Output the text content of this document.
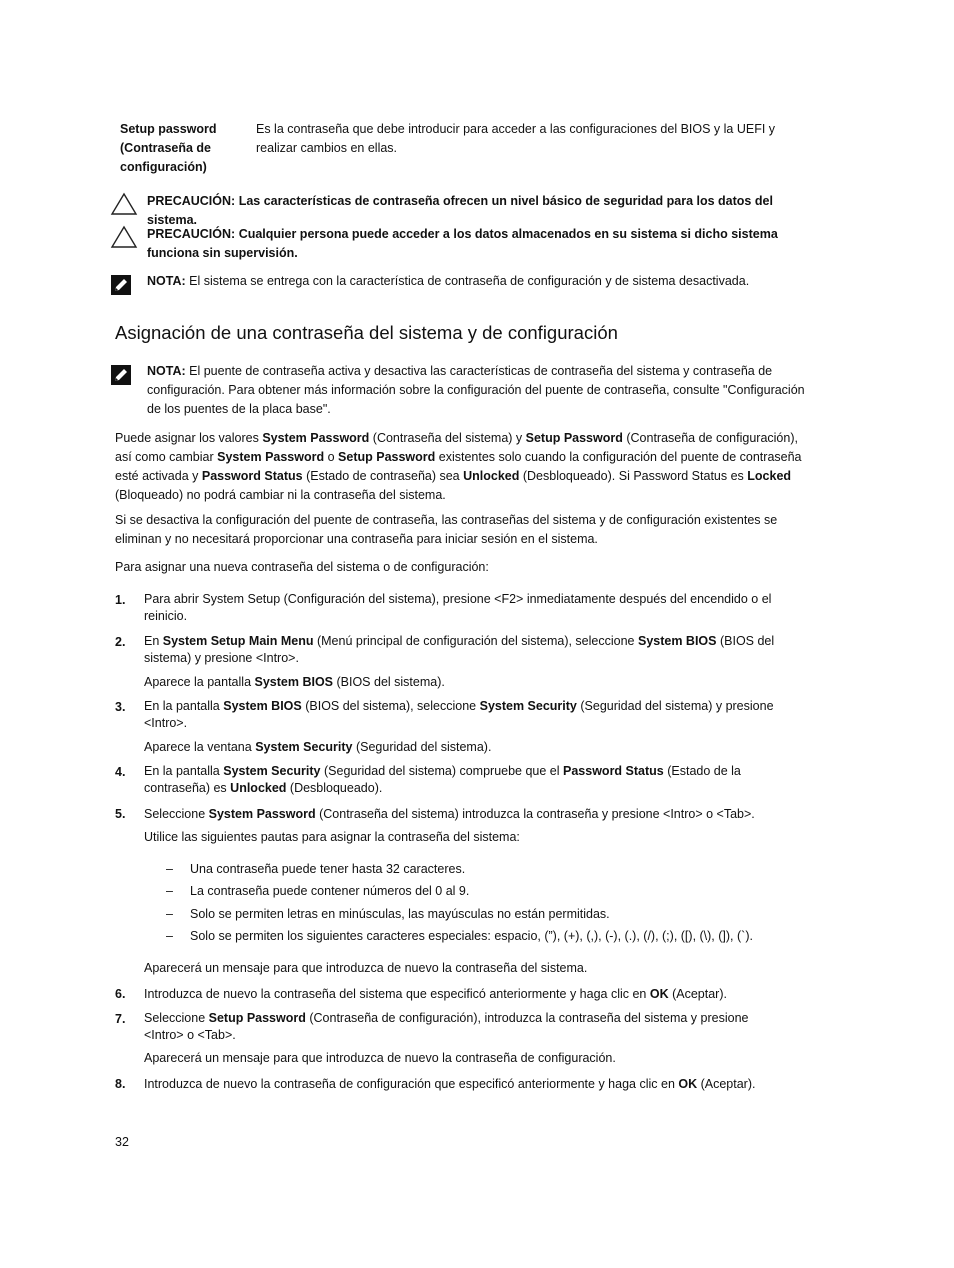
Setup password (Contraseña de configuración)
Es la contraseña que debe introducir para acceder a las configuraciones del BIOS y la UEFI y realizar cambios en ellas.
PRECAUCIÓN: Las características de contraseña ofrecen un nivel básico de seguridad para los datos del sistema.
PRECAUCIÓN: Cualquier persona puede acceder a los datos almacenados en su sistema si dicho sistema funciona sin supervisión.
NOTA: El sistema se entrega con la característica de contraseña de configuración y de sistema desactivada.
Asignación de una contraseña del sistema y de configuración
NOTA: El puente de contraseña activa y desactiva las características de contraseña del sistema y contraseña de configuración. Para obtener más información sobre la configuración del puente de contraseña, consulte "Configuración de los puentes de la placa base".
Puede asignar los valores System Password (Contraseña del sistema) y Setup Password (Contraseña de configuración), así como cambiar System Password o Setup Password existentes solo cuando la configuración del puente de contraseña esté activada y Password Status (Estado de contraseña) sea Unlocked (Desbloqueado). Si Password Status es Locked (Bloqueado) no podrá cambiar ni la contraseña del sistema.
Si se desactiva la configuración del puente de contraseña, las contraseñas del sistema y de configuración existentes se eliminan y no necesitará proporcionar una contraseña para iniciar sesión en el sistema.
Para asignar una nueva contraseña del sistema o de configuración:
1. Para abrir System Setup (Configuración del sistema), presione <F2> inmediatamente después del encendido o el reinicio.
2. En System Setup Main Menu (Menú principal de configuración del sistema), seleccione System BIOS (BIOS del sistema) y presione <Intro>.
Aparece la pantalla System BIOS (BIOS del sistema).
3. En la pantalla System BIOS (BIOS del sistema), seleccione System Security (Seguridad del sistema) y presione <Intro>.
Aparece la ventana System Security (Seguridad del sistema).
4. En la pantalla System Security (Seguridad del sistema) compruebe que el Password Status (Estado de la contraseña) es Unlocked (Desbloqueado).
5. Seleccione System Password (Contraseña del sistema) introduzca la contraseña y presione <Intro> o <Tab>.
Utilice las siguientes pautas para asignar la contraseña del sistema:
– Una contraseña puede tener hasta 32 caracteres.
– La contraseña puede contener números del 0 al 9.
– Solo se permiten letras en minúsculas, las mayúsculas no están permitidas.
– Solo se permiten los siguientes caracteres especiales: espacio, (”), (+), (,), (-), (.), (/), (;), ([), (\), (]), (`).
Aparecerá un mensaje para que introduzca de nuevo la contraseña del sistema.
6. Introduzca de nuevo la contraseña del sistema que especificó anteriormente y haga clic en OK (Aceptar).
7. Seleccione Setup Password (Contraseña de configuración), introduzca la contraseña del sistema y presione <Intro> o <Tab>.
Aparecerá un mensaje para que introduzca de nuevo la contraseña de configuración.
8. Introduzca de nuevo la contraseña de configuración que especificó anteriormente y haga clic en OK (Aceptar).
32
